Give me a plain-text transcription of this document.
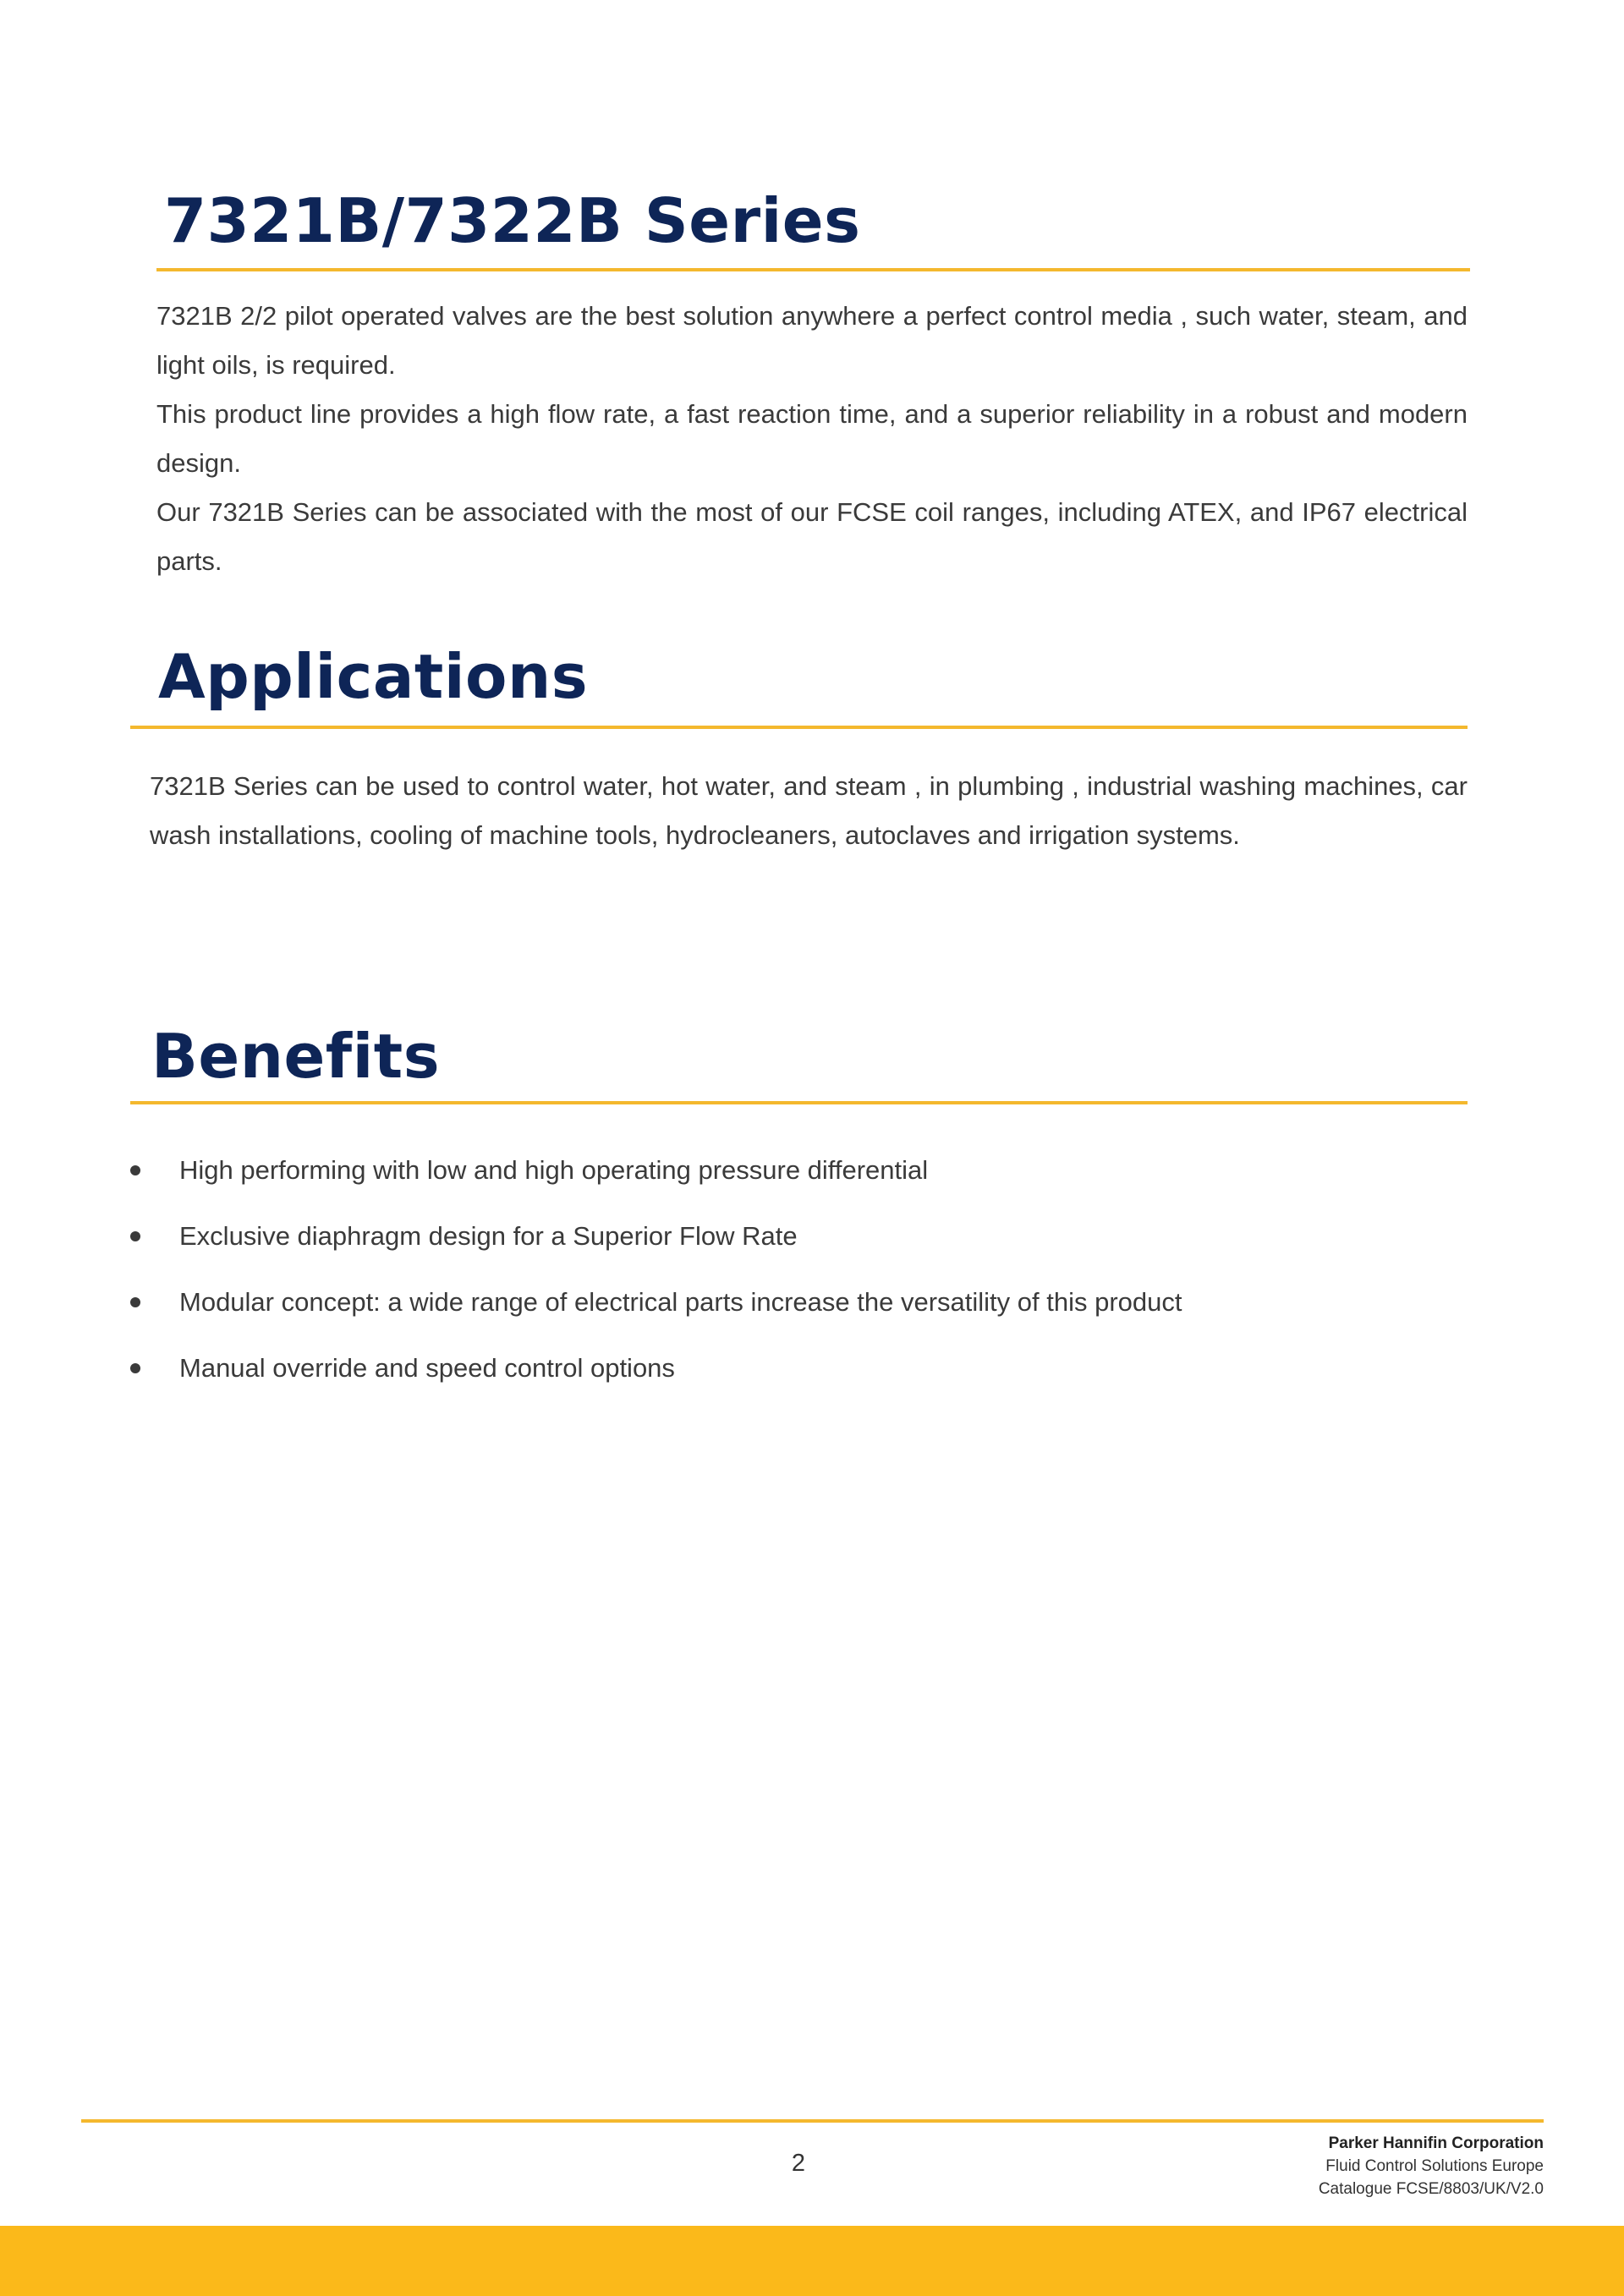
7321B/7322B Series

7321B 2/2 pilot operated valves are the best solution anywhere a perfect control media , such water, steam, and light oils, is required.

This product line provides a high flow rate, a fast reaction time, and a superior reliability in a robust and modern design.

Our 7321B Series can be associated with the most of our FCSE coil ranges, including ATEX, and IP67 electrical parts.

Applications

7321B Series can be used to control water, hot water, and steam , in plumbing , industrial washing machines, car wash installations, cooling of machine tools, hydrocleaners, autoclaves and irrigation systems.

Benefits
High performing with low and high operating pressure differential
Exclusive diaphragm design for a Superior Flow Rate
Modular concept: a wide range of electrical parts increase the versatility of this product
Manual override and speed control options
2
Parker Hannifin Corporation
Fluid Control Solutions Europe
Catalogue FCSE/8803/UK/V2.0
